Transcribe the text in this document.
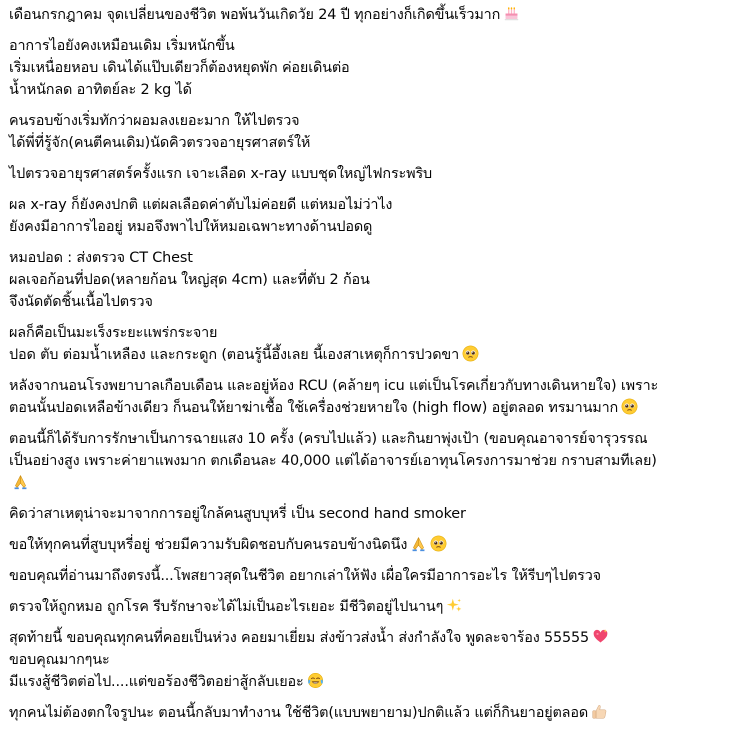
เดือนกรกฎาคม จุดเปลี่ยนของชีวิต พอพ้นวันเกิดวัย 24 ปี ทุกอย่างก็เกิดขึ้นเร็วมาก
อาการไอยังคงเหมือนเดิม เริ่มหนักขึ้น
เริ่มเหนื่อยหอบ เดินได้แป๊บเดียวก็ต้องหยุดพัก ค่อยเดินต่อ
น้ำหนักลด อาทิตย์ละ 2 kg ได้
คนรอบข้างเริ่มทักว่าผอมลงเยอะมาก ให้ไปตรวจ
ได้พี่ที่รู้จัก(คนตีคนเดิม)นัดคิวตรวจอายุรศาสตร์ให้
ไปตรวจอายุรศาสตร์ครั้งแรก เจาะเลือด x-ray แบบชุดใหญ่ไฟกระพริบ
ผล x-ray ก็ยังคงปกติ แต่ผลเลือดค่าตับไม่ค่อยดี แต่หมอไม่ว่าไง
ยังคงมีอาการไออยู่ หมอจึงพาไปให้หมอเฉพาะทางด้านปอดดู
หมอปอด : ส่งตรวจ CT Chest
ผลเจอก้อนที่ปอด(หลายก้อน ใหญ่สุด 4cm) และที่ตับ 2 ก้อน
จึงนัดตัดชิ้นเนื้อไปตรวจ
ผลก็คือเป็นมะเร็งระยะแพร่กระจาย
ปอด ตับ ต่อมน้ำเหลือง และกระดูก (ตอนรู้นี้อึ้งเลย นี้เองสาเหตุก็การปวดขา
หลังจากนอนโรงพยาบาลเกือบเดือน และอยู่ห้อง RCU (คล้ายๆ icu แต่เป็นโรคเกี่ยวกับทางเดินหายใจ) เพราะ
ตอนนั้นปอดเหลือข้างเดียว ก็นอนให้ยาฆ่าเชื้อ ใช้เครื่องช่วยหายใจ (high flow) อยู่ตลอด ทรมานมาก
ตอนนี้ก็ได้รับการรักษาเป็นการฉายแสง 10 ครั้ง (ครบไปแล้ว) และกินยาพุ่งเป้า (ขอบคุณอาจารย์จารุวรรณ
เป็นอย่างสูง เพราะค่ายาแพงมาก ตกเดือนละ 40,000 แต่ได้อาจารย์เอาทุนโครงการมาช่วย กราบสามทีเลย)
คิดว่าสาเหตุน่าจะมาจากการอยู่ใกล้คนสูบบุหรี่ เป็น second hand smoker
ขอให้ทุกคนที่สูบบุหรี่อยู่ ช่วยมีความรับผิดชอบกับคนรอบข้างนิดนึง
ขอบคุณที่อ่านมาถึงตรงนี้...โพสยาวสุดในชีวิต อยากเล่าให้ฟัง เผื่อใครมีอาการอะไร ให้รีบๆไปตรวจ
ตรวจให้ถูกหมอ ถูกโรค รีบรักษาจะได้ไม่เป็นอะไรเยอะ มีชีวิตอยู่ไปนานๆ
สุดท้ายนี้ ขอบคุณทุกคนที่คอยเป็นห่วง คอยมาเยี่ยม ส่งข้าวส่งน้ำ ส่งกำลังใจ พูดละจาร้อง 55555
ขอบคุณมากๆนะ
มีแรงสู้ชีวิตต่อไป....แต่ขอร้องชีวิตอย่าสู้กลับเยอะ
ทุกคนไม่ต้องตกใจรูปนะ ตอนนี้กลับมาทำงาน ใช้ชีวิต(แบบพยายาม)ปกติแล้ว แต่ก็กินยาอยู่ตลอด
